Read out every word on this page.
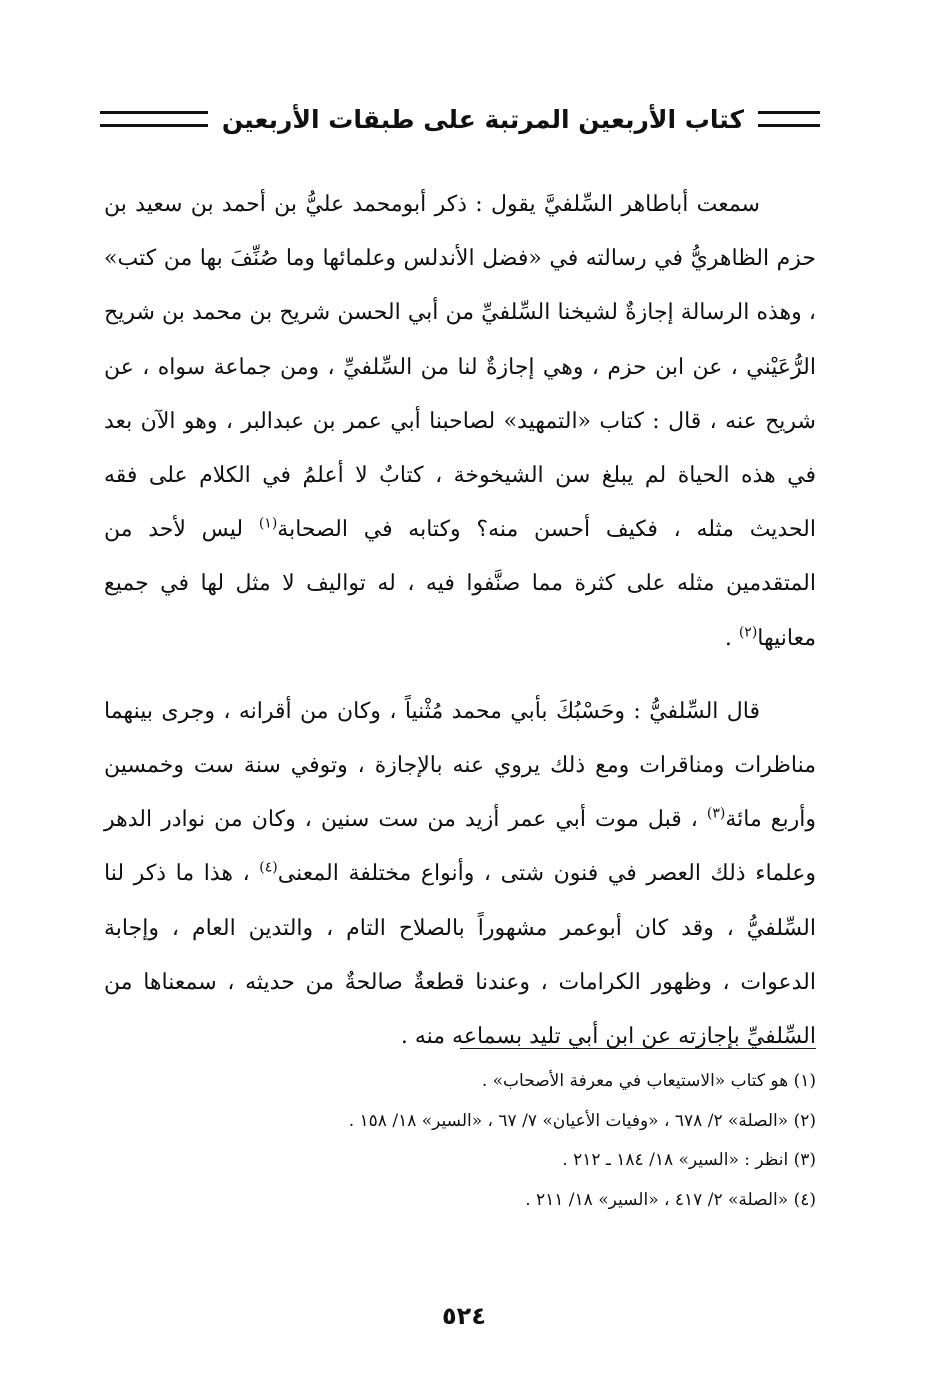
كتاب الأربعين المرتبة على طبقات الأربعين

سمعت أباطاهر السِّلفيَّ يقول : ذكر أبومحمد عليُّ بن أحمد بن سعيد بن حزم الظاهريُّ في رسالته في «فضل الأندلس وعلمائها وما صُنِّفَ بها من كتب» ، وهذه الرسالة إجازةٌ لشيخنا السِّلفيِّ من أبي الحسن شريح بن محمد بن شريح الرُّعَيْني ، عن ابن حزم ، وهي إجازةٌ لنا من السِّلفيِّ ، ومن جماعة سواه ، عن شريح عنه ، قال : كتاب «التمهيد» لصاحبنا أبي عمر بن عبدالبر ، وهو الآن بعد في هذه الحياة لم يبلغ سن الشيخوخة ، كتابٌ لا أعلمُ في الكلام على فقه الحديث مثله ، فكيف أحسن منه؟ وكتابه في الصحابة$^{(١)}$ ليس لأحد من المتقدمين مثله على كثرة مما صنَّفوا فيه ، له تواليف لا مثل لها في جميع معانيها$^{(٢)}$ .

قال السِّلفيُّ : وحَسْبُكَ بأبي محمد مُثْنياً ، وكان من أقرانه ، وجرى بينهما مناظرات ومناقرات ومع ذلك يروي عنه بالإجازة ، وتوفي سنة ست وخمسين وأربع مائة$^{(٣)}$ ، قبل موت أبي عمر أزيد من ست سنين ، وكان من نوادر الدهر وعلماء ذلك العصر في فنون شتى ، وأنواع مختلفة المعنى$^{(٤)}$ ، هذا ما ذكر لنا السِّلفيُّ ، وقد كان أبوعمر مشهوراً بالصلاح التام ، والتدين العام ، وإجابة الدعوات ، وظهور الكرامات ، وعندنا قطعةٌ صالحةٌ من حديثه ، سمعناها من السِّلفيِّ بإجازته عن ابن أبي تليد بسماعه منه .

(١) هو كتاب «الاستيعاب في معرفة الأصحاب» .
(٢) «الصلة» ٢/ ٦٧٨ ، «وفيات الأعيان» ٧/ ٦٧ ، «السير» ١٨/ ١٥٨ .
(٣) انظر : «السير» ١٨/ ١٨٤ ـ ٢١٢ .
(٤) «الصلة» ٢/ ٤١٧ ، «السير» ١٨/ ٢١١ .
٥٢٤
